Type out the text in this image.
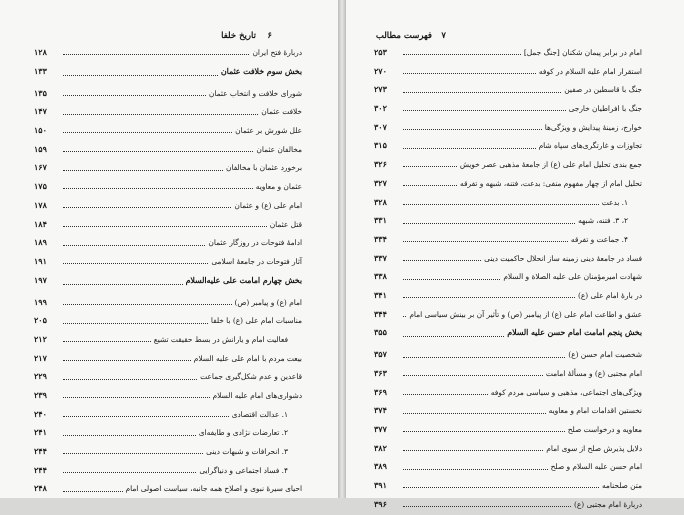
تاريخ خلفا ۶
دربارهٔ فتح ايران
۱۲۸
بخش سوم خلافت عثمان
۱۳۳
شوراى خلافت و انتخاب عثمان
۱۳۵
خلافت عثمان
۱۴۷
علل شورش بر عثمان
۱۵۰
مخالفان عثمان
۱۵۹
برخورد عثمان با مخالفان
۱۶۷
عثمان و معاويه
۱۷۵
امام على (ع) و عثمان
۱۷۸
قتل عثمان
۱۸۴
ادامهٔ فتوحات در روزگار عثمان
۱۸۹
آثار فتوحات در جامعهٔ اسلامى
۱۹۱
بخش چهارم امامت على عليه‌السلام
۱۹۷
امام (ع) و پيامبر (ص)
۱۹۹
مناسبات امام على (ع) با خلفا
۲۰۵
فعاليت امام و يارانش در بسط حقيقت تشيع
۲۱۲
بيعت مردم با امام على عليه السلام
۲۱۷
قاعدين و عدم شكل‌گيرى جماعت
۲۲۹
دشوارى‌هاى امام عليه السلام
۲۳۹
۱. عدالت اقتصادى
۲۴۰
۲. تعارضات نژادى و طايفه‌اى
۲۴۱
۳. انحرافات و شبهات دينى
۲۴۴
۴. فساد اجتماعى و دنياگرايى
۲۴۴
احياى سيرهٔ نبوى و اصلاح همه جانبه، سياست اصولى امام
۲۴۸
فهرست مطالب ۷
امام در برابر پيمان شكنان [جنگ جمل]
۲۵۳
استقرار امام عليه السلام در كوفه
۲۷۰
جنگ با قاسطين در صفين
۲۷۳
جنگ با افراطيان خارجى
۳۰۲
خوارج، زمينهٔ پيدايش و ويژگى‌ها
۳۰۷
تجاوزات و غارتگرى‌هاى سپاه شام
۳۱۵
جمع بندى تحليل امام على (ع) از جامعهٔ مذهبى عصر خويش
۳۲۶
تحليل امام از چهار مفهوم منفى: بدعت، فتنه، شبهه و تفرقه
۳۲۷
۱. بدعت
۳۲۸
۲، ۳. فتنه، شبهه
۳۳۱
۴. جماعت و تفرقه
۳۳۴
فساد در جامعهٔ دينى زمينه ساز انحلال حاكميت دينى
۳۳۷
شهادت اميرمؤمنان على عليه الصلاة و السلام
۳۳۸
در بارهٔ امام على (ع)
۳۴۱
عشق و اطاعت امام على (ع) از پيامبر (ص) و تأثير آن بر بينش سياسى امام
۳۴۴
بخش پنجم امامت امام حسن عليه السلام
۳۵۵
شخصيت امام حسن (ع)
۳۵۷
امام مجتبى (ع) و مسألهٔ امامت
۳۶۳
ويژگى‌هاى اجتماعى، مذهبى و سياسى مردم كوفه
۳۶۹
نخستين اقدامات امام و معاويه
۳۷۴
معاويه و درخواست صلح
۳۷۷
دلايل پذيرش صلح از سوى امام
۳۸۲
امام حسن عليه السلام و صلح
۳۸۹
متن صلحنامه
۳۹۱
دربارهٔ امام مجتبى (ع)
۳۹۶
